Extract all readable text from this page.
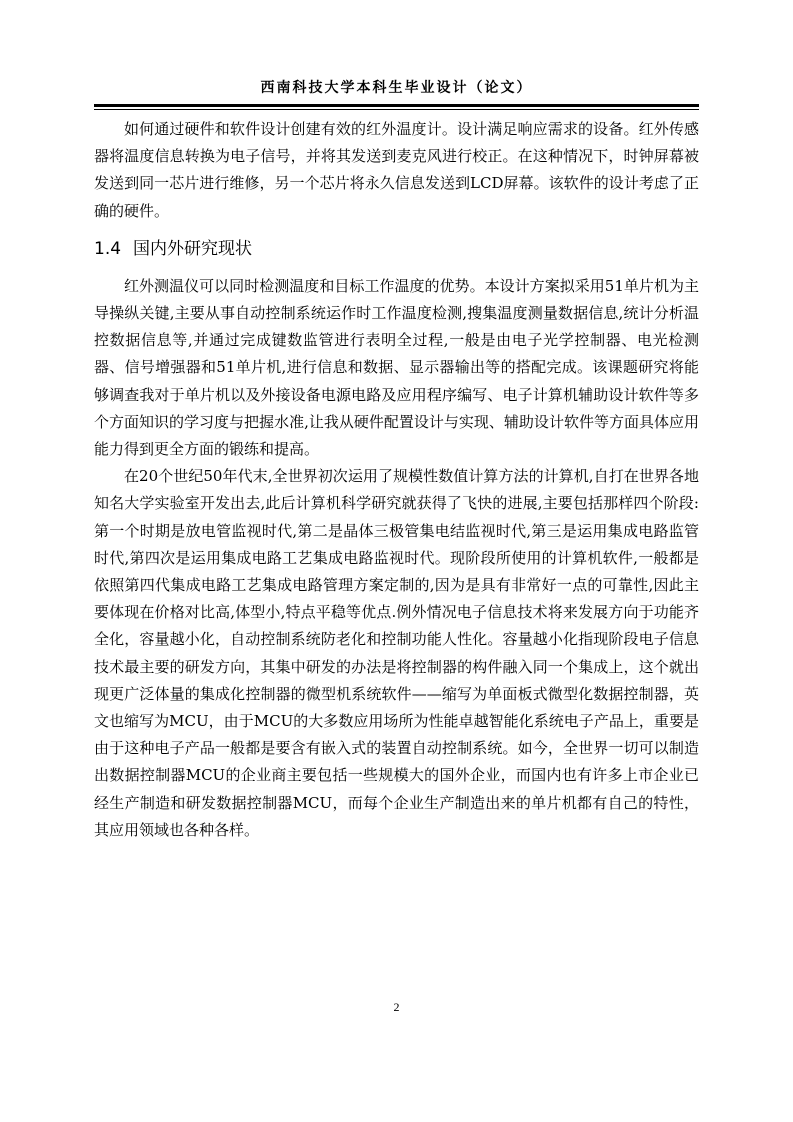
西南科技大学本科生毕业设计（论文）

如何通过硬件和软件设计创建有效的红外温度计。设计满足响应需求的设备。红外传感器将温度信息转换为电子信号，并将其发送到麦克风进行校正。在这种情况下，时钟屏幕被发送到同一芯片进行维修，另一个芯片将永久信息发送到LCD屏幕。该软件的设计考虑了正确的硬件。

1.4 国内外研究现状

红外测温仪可以同时检测温度和目标工作温度的优势。本设计方案拟采用51单片机为主导操纵关键,主要从事自动控制系统运作时工作温度检测,搜集温度测量数据信息,统计分析温控数据信息等,并通过完成键数监管进行表明全过程,一般是由电子光学控制器、电光检测器、信号增强器和51单片机,进行信息和数据、显示器输出等的搭配完成。该课题研究将能够调查我对于单片机以及外接设备电源电路及应用程序编写、电子计算机辅助设计软件等多个方面知识的学习度与把握水准,让我从硬件配置设计与实现、辅助设计软件等方面具体应用能力得到更全方面的锻练和提高。

在20个世纪50年代末,全世界初次运用了规模性数值计算方法的计算机,自打在世界各地知名大学实验室开发出去,此后计算机科学研究就获得了飞快的进展,主要包括那样四个阶段:第一个时期是放电管监视时代,第二是晶体三极管集电结监视时代,第三是运用集成电路监管时代,第四次是运用集成电路工艺集成电路监视时代。现阶段所使用的计算机软件,一般都是依照第四代集成电路工艺集成电路管理方案定制的,因为是具有非常好一点的可靠性,因此主要体现在价格对比高,体型小,特点平稳等优点.例外情况电子信息技术将来发展方向于功能齐全化，容量越小化，自动控制系统防老化和控制功能人性化。容量越小化指现阶段电子信息技术最主要的研发方向，其集中研发的办法是将控制器的构件融入同一个集成上，这个就出现更广泛体量的集成化控制器的微型机系统软件——缩写为单面板式微型化数据控制器，英文也缩写为MCU，由于MCU的大多数应用场所为性能卓越智能化系统电子产品上，重要是由于这种电子产品一般都是要含有嵌入式的装置自动控制系统。如今，全世界一切可以制造出数据控制器MCU的企业商主要包括一些规模大的国外企业，而国内也有许多上市企业已经生产制造和研发数据控制器MCU，而每个企业生产制造出来的单片机都有自己的特性，其应用领域也各种各样。

2
